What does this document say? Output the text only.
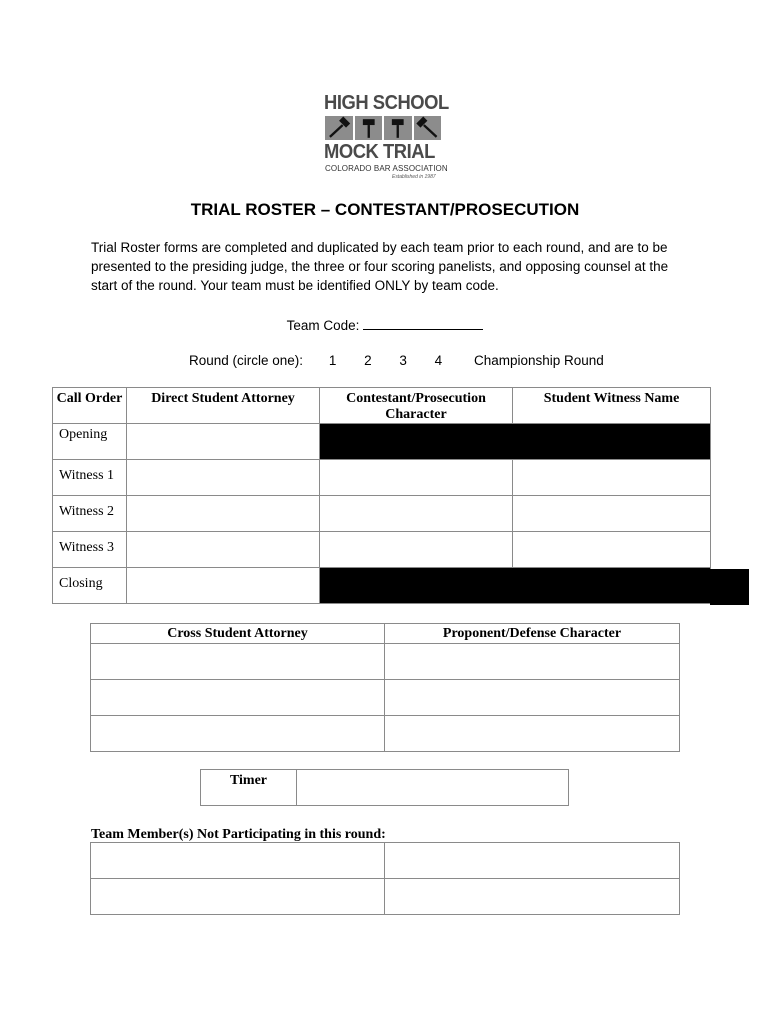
HIGH SCHOOL
MOCK TRIAL
COLORADO BAR ASSOCIATION
Established in 1987
TRIAL ROSTER – CONTESTANT/PROSECUTION
Trial Roster forms are completed and duplicated by each team prior to each round, and are to be presented to the presiding judge, the three or four scoring panelists, and opposing counsel at the start of the round. Your team must be identified ONLY by team code.
Team Code:
Round (circle one): 1 2 3 4 Championship Round
Call Order	Direct Student Attorney	Contestant/Prosecution Character	Student Witness Name
Opening			
Witness 1			
Witness 2			
Witness 3			
Closing			
Cross Student Attorney	Proponent/Defense Character

Timer	
Team Member(s) Not Participating in this round:
